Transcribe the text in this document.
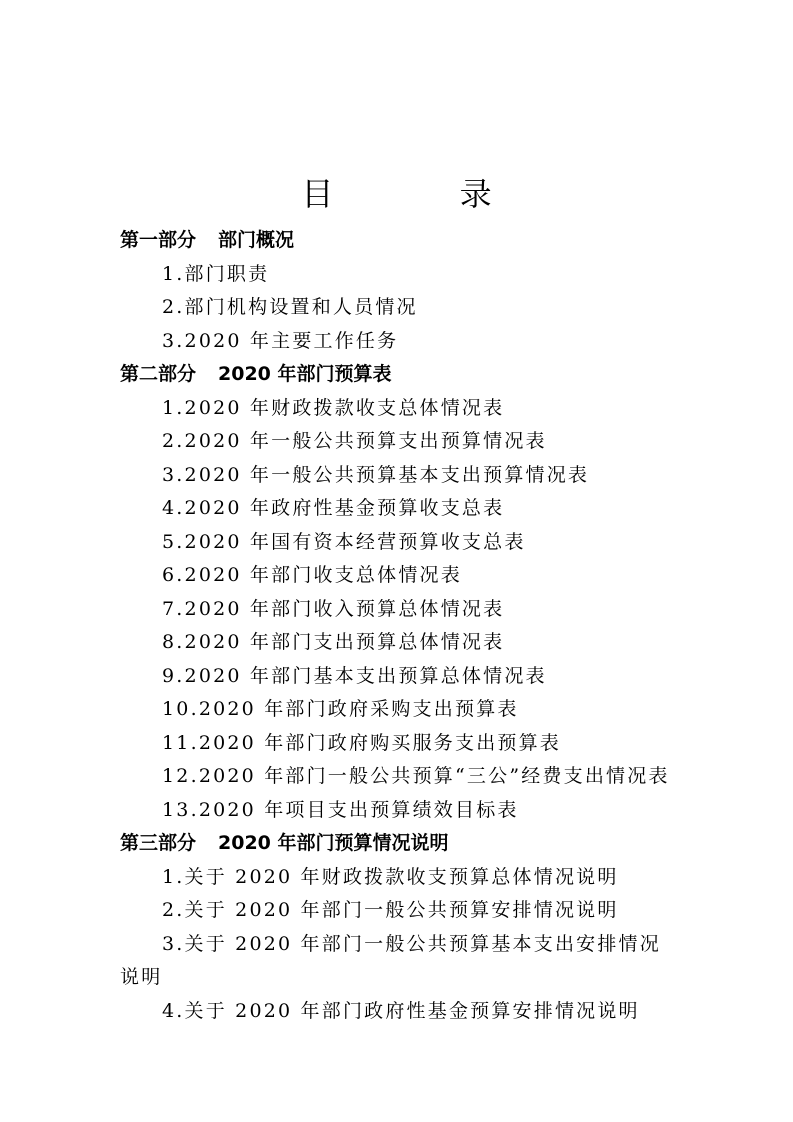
目 录
第一部分 部门概况
1.部门职责
2.部门机构设置和人员情况
3.2020 年主要工作任务
第二部分 2020 年部门预算表
1.2020 年财政拨款收支总体情况表
2.2020 年一般公共预算支出预算情况表
3.2020 年一般公共预算基本支出预算情况表
4.2020 年政府性基金预算收支总表
5.2020 年国有资本经营预算收支总表
6.2020 年部门收支总体情况表
7.2020 年部门收入预算总体情况表
8.2020 年部门支出预算总体情况表
9.2020 年部门基本支出预算总体情况表
10.2020 年部门政府采购支出预算表
11.2020 年部门政府购买服务支出预算表
12.2020 年部门一般公共预算“三公”经费支出情况表
13.2020 年项目支出预算绩效目标表
第三部分 2020 年部门预算情况说明
1.关于 2020 年财政拨款收支预算总体情况说明
2.关于 2020 年部门一般公共预算安排情况说明
3.关于 2020 年部门一般公共预算基本支出安排情况说明
4.关于 2020 年部门政府性基金预算安排情况说明
